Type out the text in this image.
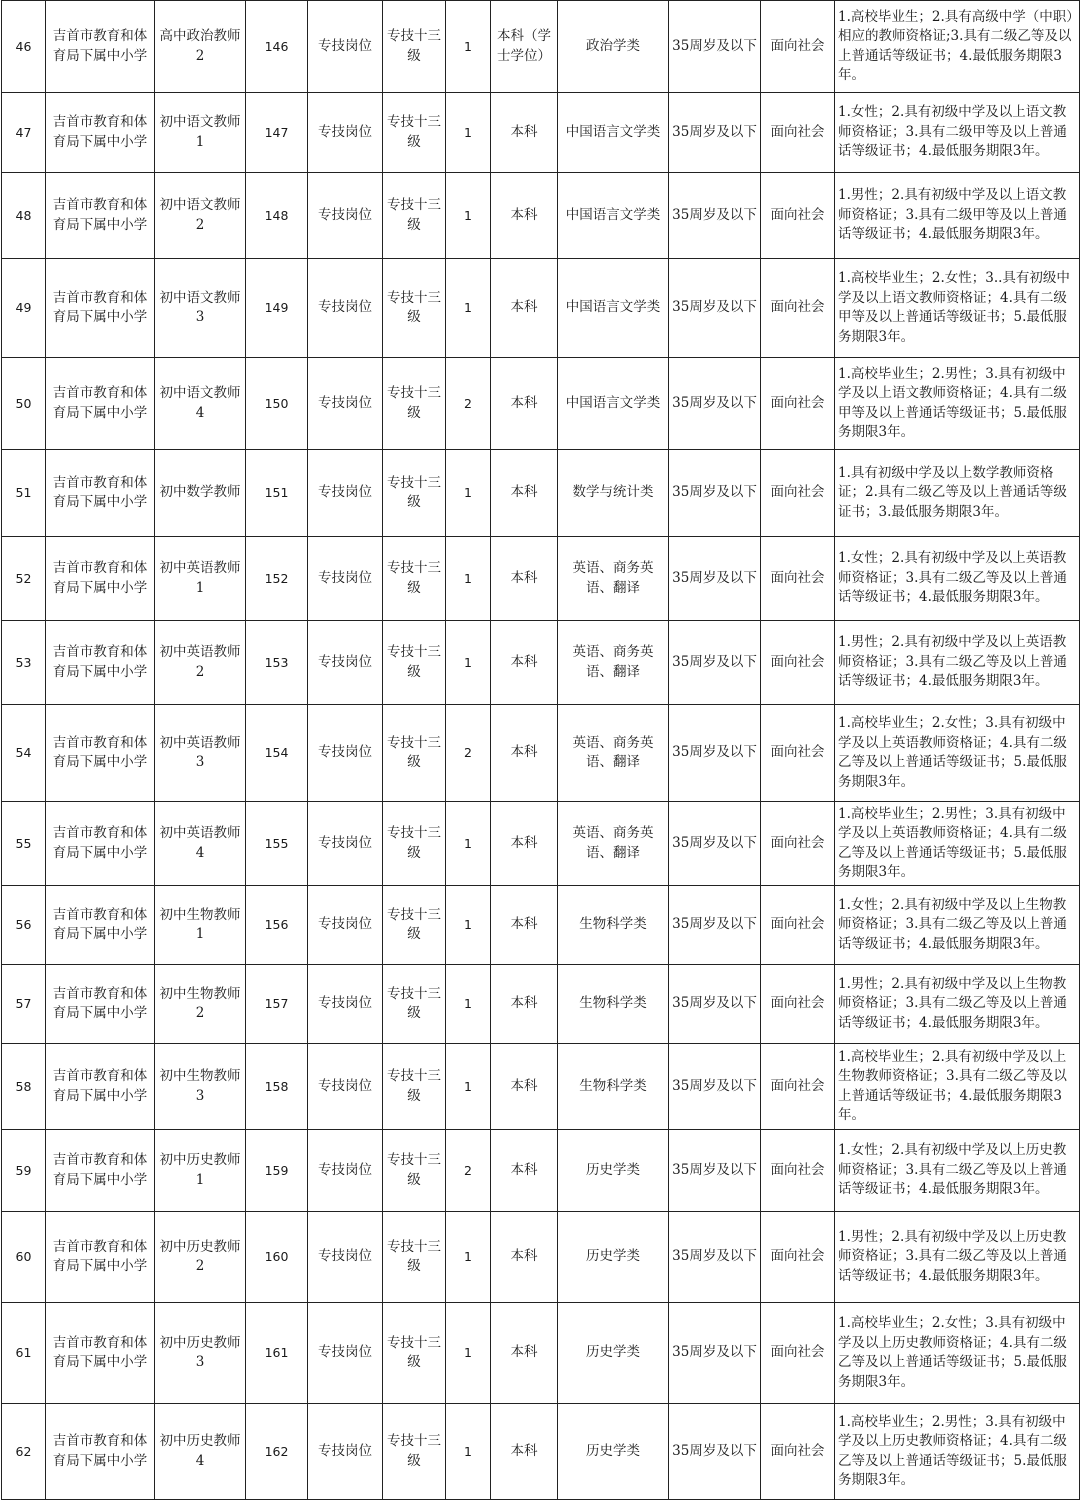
46	吉首市教育和体育局下属中小学	高中政治教师2	146	专技岗位	专技十三级	1	本科（学士学位）	政治学类	35周岁及以下	面向社会	1.高校毕业生；2.具有高级中学（中职）相应的教师资格证;3.具有二级乙等及以上普通话等级证书；4.最低服务期限3年。
47	吉首市教育和体育局下属中小学	初中语文教师1	147	专技岗位	专技十三级	1	本科	中国语言文学类	35周岁及以下	面向社会	1.女性；2.具有初级中学及以上语文教师资格证；3.具有二级甲等及以上普通话等级证书；4.最低服务期限3年。
48	吉首市教育和体育局下属中小学	初中语文教师2	148	专技岗位	专技十三级	1	本科	中国语言文学类	35周岁及以下	面向社会	1.男性；2.具有初级中学及以上语文教师资格证；3.具有二级甲等及以上普通话等级证书；4.最低服务期限3年。
49	吉首市教育和体育局下属中小学	初中语文教师3	149	专技岗位	专技十三级	1	本科	中国语言文学类	35周岁及以下	面向社会	1.高校毕业生；2.女性；3..具有初级中学及以上语文教师资格证；4.具有二级甲等及以上普通话等级证书；5.最低服务期限3年。
50	吉首市教育和体育局下属中小学	初中语文教师4	150	专技岗位	专技十三级	2	本科	中国语言文学类	35周岁及以下	面向社会	1.高校毕业生；2.男性；3.具有初级中学及以上语文教师资格证；4.具有二级甲等及以上普通话等级证书；5.最低服务期限3年。
51	吉首市教育和体育局下属中小学	初中数学教师	151	专技岗位	专技十三级	1	本科	数学与统计类	35周岁及以下	面向社会	1.具有初级中学及以上数学教师资格证；2.具有二级乙等及以上普通话等级证书；3.最低服务期限3年。
52	吉首市教育和体育局下属中小学	初中英语教师1	152	专技岗位	专技十三级	1	本科	英语、商务英语、翻译	35周岁及以下	面向社会	1.女性；2.具有初级中学及以上英语教师资格证；3.具有二级乙等及以上普通话等级证书；4.最低服务期限3年。
53	吉首市教育和体育局下属中小学	初中英语教师2	153	专技岗位	专技十三级	1	本科	英语、商务英语、翻译	35周岁及以下	面向社会	1.男性；2.具有初级中学及以上英语教师资格证；3.具有二级乙等及以上普通话等级证书；4.最低服务期限3年。
54	吉首市教育和体育局下属中小学	初中英语教师3	154	专技岗位	专技十三级	2	本科	英语、商务英语、翻译	35周岁及以下	面向社会	1.高校毕业生；2.女性；3.具有初级中学及以上英语教师资格证；4.具有二级乙等及以上普通话等级证书；5.最低服务期限3年。
55	吉首市教育和体育局下属中小学	初中英语教师4	155	专技岗位	专技十三级	1	本科	英语、商务英语、翻译	35周岁及以下	面向社会	1.高校毕业生；2.男性；3.具有初级中学及以上英语教师资格证；4.具有二级乙等及以上普通话等级证书；5.最低服务期限3年。
56	吉首市教育和体育局下属中小学	初中生物教师1	156	专技岗位	专技十三级	1	本科	生物科学类	35周岁及以下	面向社会	1.女性；2.具有初级中学及以上生物教师资格证；3.具有二级乙等及以上普通话等级证书；4.最低服务期限3年。
57	吉首市教育和体育局下属中小学	初中生物教师2	157	专技岗位	专技十三级	1	本科	生物科学类	35周岁及以下	面向社会	1.男性；2.具有初级中学及以上生物教师资格证；3.具有二级乙等及以上普通话等级证书；4.最低服务期限3年。
58	吉首市教育和体育局下属中小学	初中生物教师3	158	专技岗位	专技十三级	1	本科	生物科学类	35周岁及以下	面向社会	1.高校毕业生；2.具有初级中学及以上生物教师资格证；3.具有二级乙等及以上普通话等级证书；4.最低服务期限3年。
59	吉首市教育和体育局下属中小学	初中历史教师1	159	专技岗位	专技十三级	2	本科	历史学类	35周岁及以下	面向社会	1.女性；2.具有初级中学及以上历史教师资格证；3.具有二级乙等及以上普通话等级证书；4.最低服务期限3年。
60	吉首市教育和体育局下属中小学	初中历史教师2	160	专技岗位	专技十三级	1	本科	历史学类	35周岁及以下	面向社会	1.男性；2.具有初级中学及以上历史教师资格证；3.具有二级乙等及以上普通话等级证书；4.最低服务期限3年。
61	吉首市教育和体育局下属中小学	初中历史教师3	161	专技岗位	专技十三级	1	本科	历史学类	35周岁及以下	面向社会	1.高校毕业生；2.女性；3.具有初级中学及以上历史教师资格证；4.具有二级乙等及以上普通话等级证书；5.最低服务期限3年。
62	吉首市教育和体育局下属中小学	初中历史教师4	162	专技岗位	专技十三级	1	本科	历史学类	35周岁及以下	面向社会	1.高校毕业生；2.男性；3.具有初级中学及以上历史教师资格证；4.具有二级乙等及以上普通话等级证书；5.最低服务期限3年。
